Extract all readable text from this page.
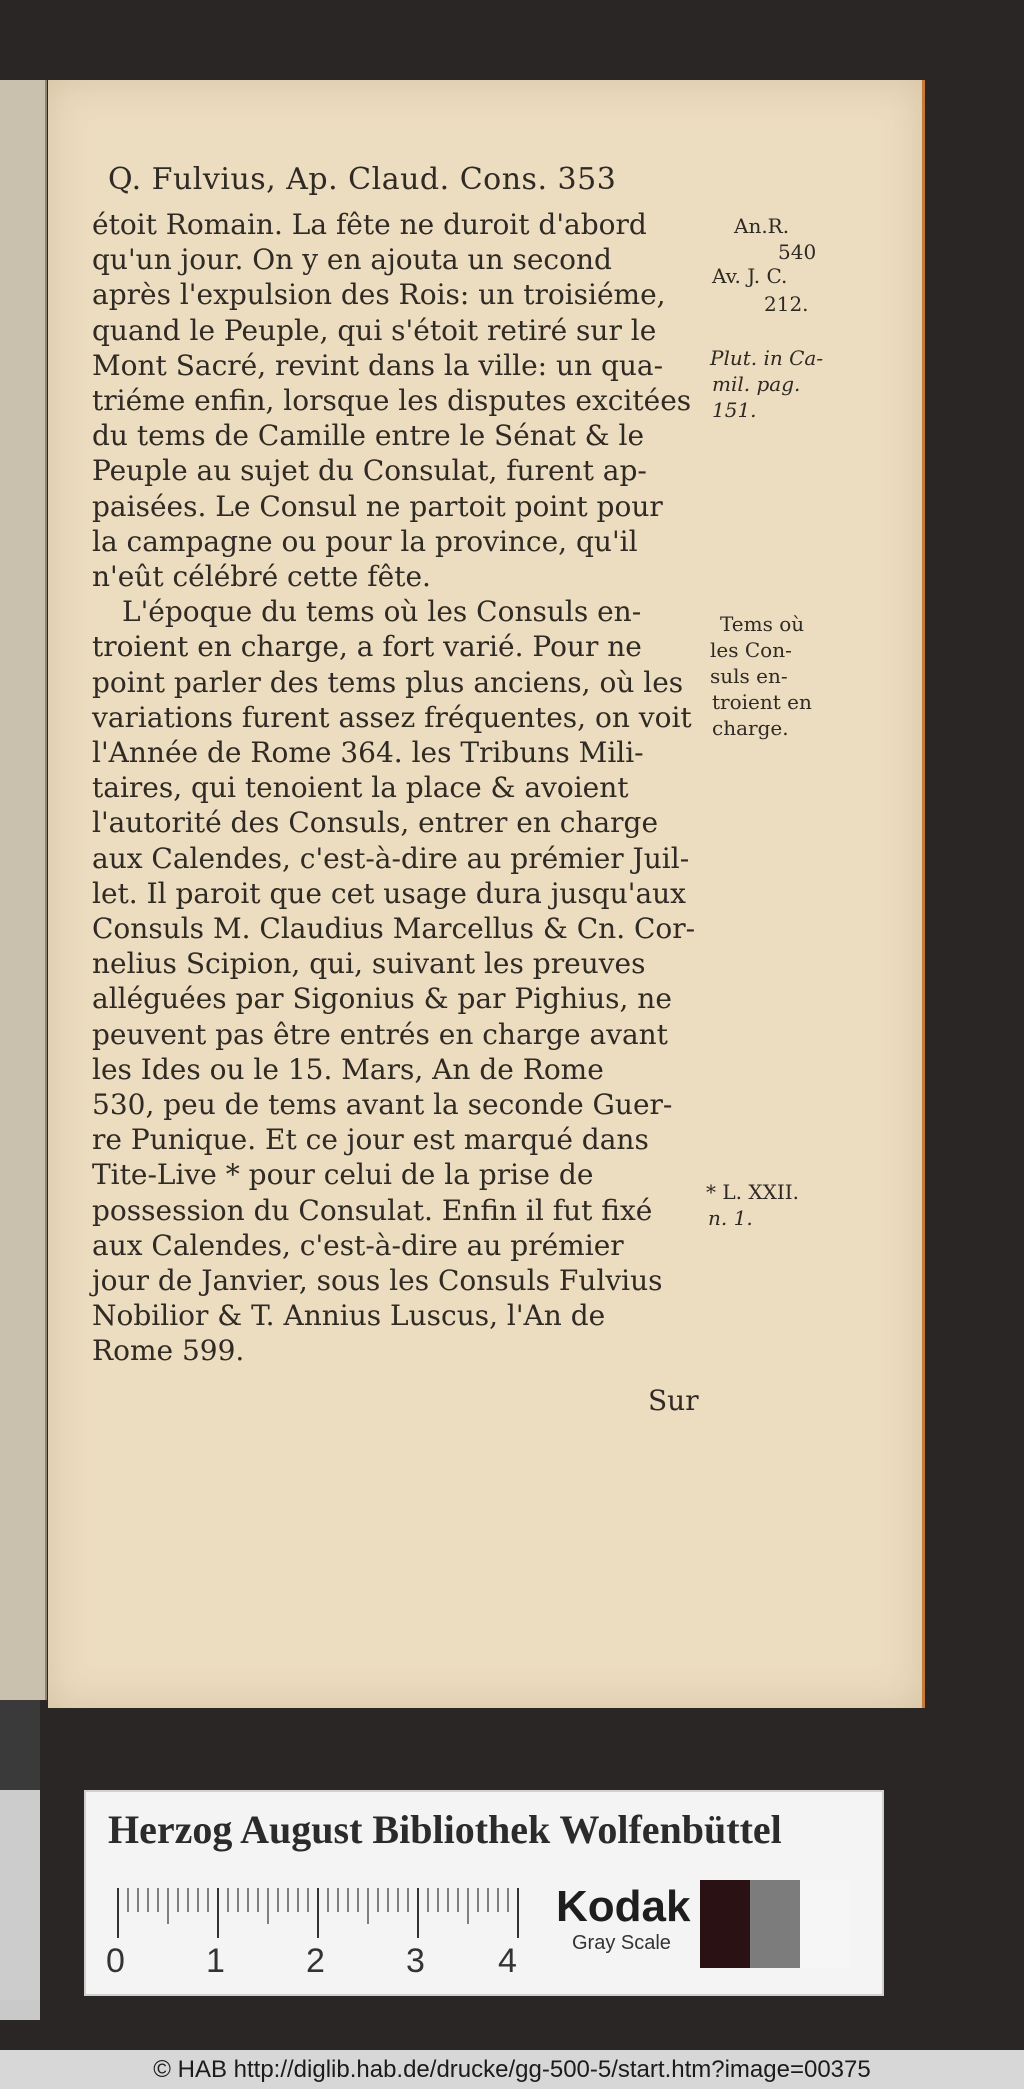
Q. Fulvius, Ap. Claud. Cons. 353
étoit Romain. La fête ne duroit d'abord
qu'un jour. On y en ajouta un second
après l'expulsion des Rois: un troisiéme,
quand le Peuple, qui s'étoit retiré sur le
Mont Sacré, revint dans la ville: un qua-
triéme enfin, lorsque les disputes excitées
du tems de Camille entre le Sénat & le
Peuple au sujet du Consulat, furent ap-
paisées. Le Consul ne partoit point pour
la campagne ou pour la province, qu'il
n'eût célébré cette fête.
L'époque du tems où les Consuls en-
troient en charge, a fort varié. Pour ne
point parler des tems plus anciens, où les
variations furent assez fréquentes, on voit
l'Année de Rome 364. les Tribuns Mili-
taires, qui tenoient la place & avoient
l'autorité des Consuls, entrer en charge
aux Calendes, c'est-à-dire au prémier Juil-
let. Il paroit que cet usage dura jusqu'aux
Consuls M. Claudius Marcellus & Cn. Cor-
nelius Scipion, qui, suivant les preuves
alléguées par Sigonius & par Pighius, ne
peuvent pas être entrés en charge avant
les Ides ou le 15. Mars, An de Rome
530, peu de tems avant la seconde Guer-
re Punique. Et ce jour est marqué dans
Tite-Live * pour celui de la prise de
possession du Consulat. Enfin il fut fixé
aux Calendes, c'est-à-dire au prémier
jour de Janvier, sous les Consuls Fulvius
Nobilior & T. Annius Luscus, l'An de
Rome 599.
An.R.
540
Av. J. C.
212.
Plut. in Ca-
mil. pag.
151.
Tems où
les Con-
suls en-
troient en
charge.
* L. XXII.
n. 1.
Sur
Herzog August Bibliothek Wolfenbüttel
0 1 2 3 4
Kodak
Gray Scale
© HAB http://diglib.hab.de/drucke/gg-500-5/start.htm?image=00375
